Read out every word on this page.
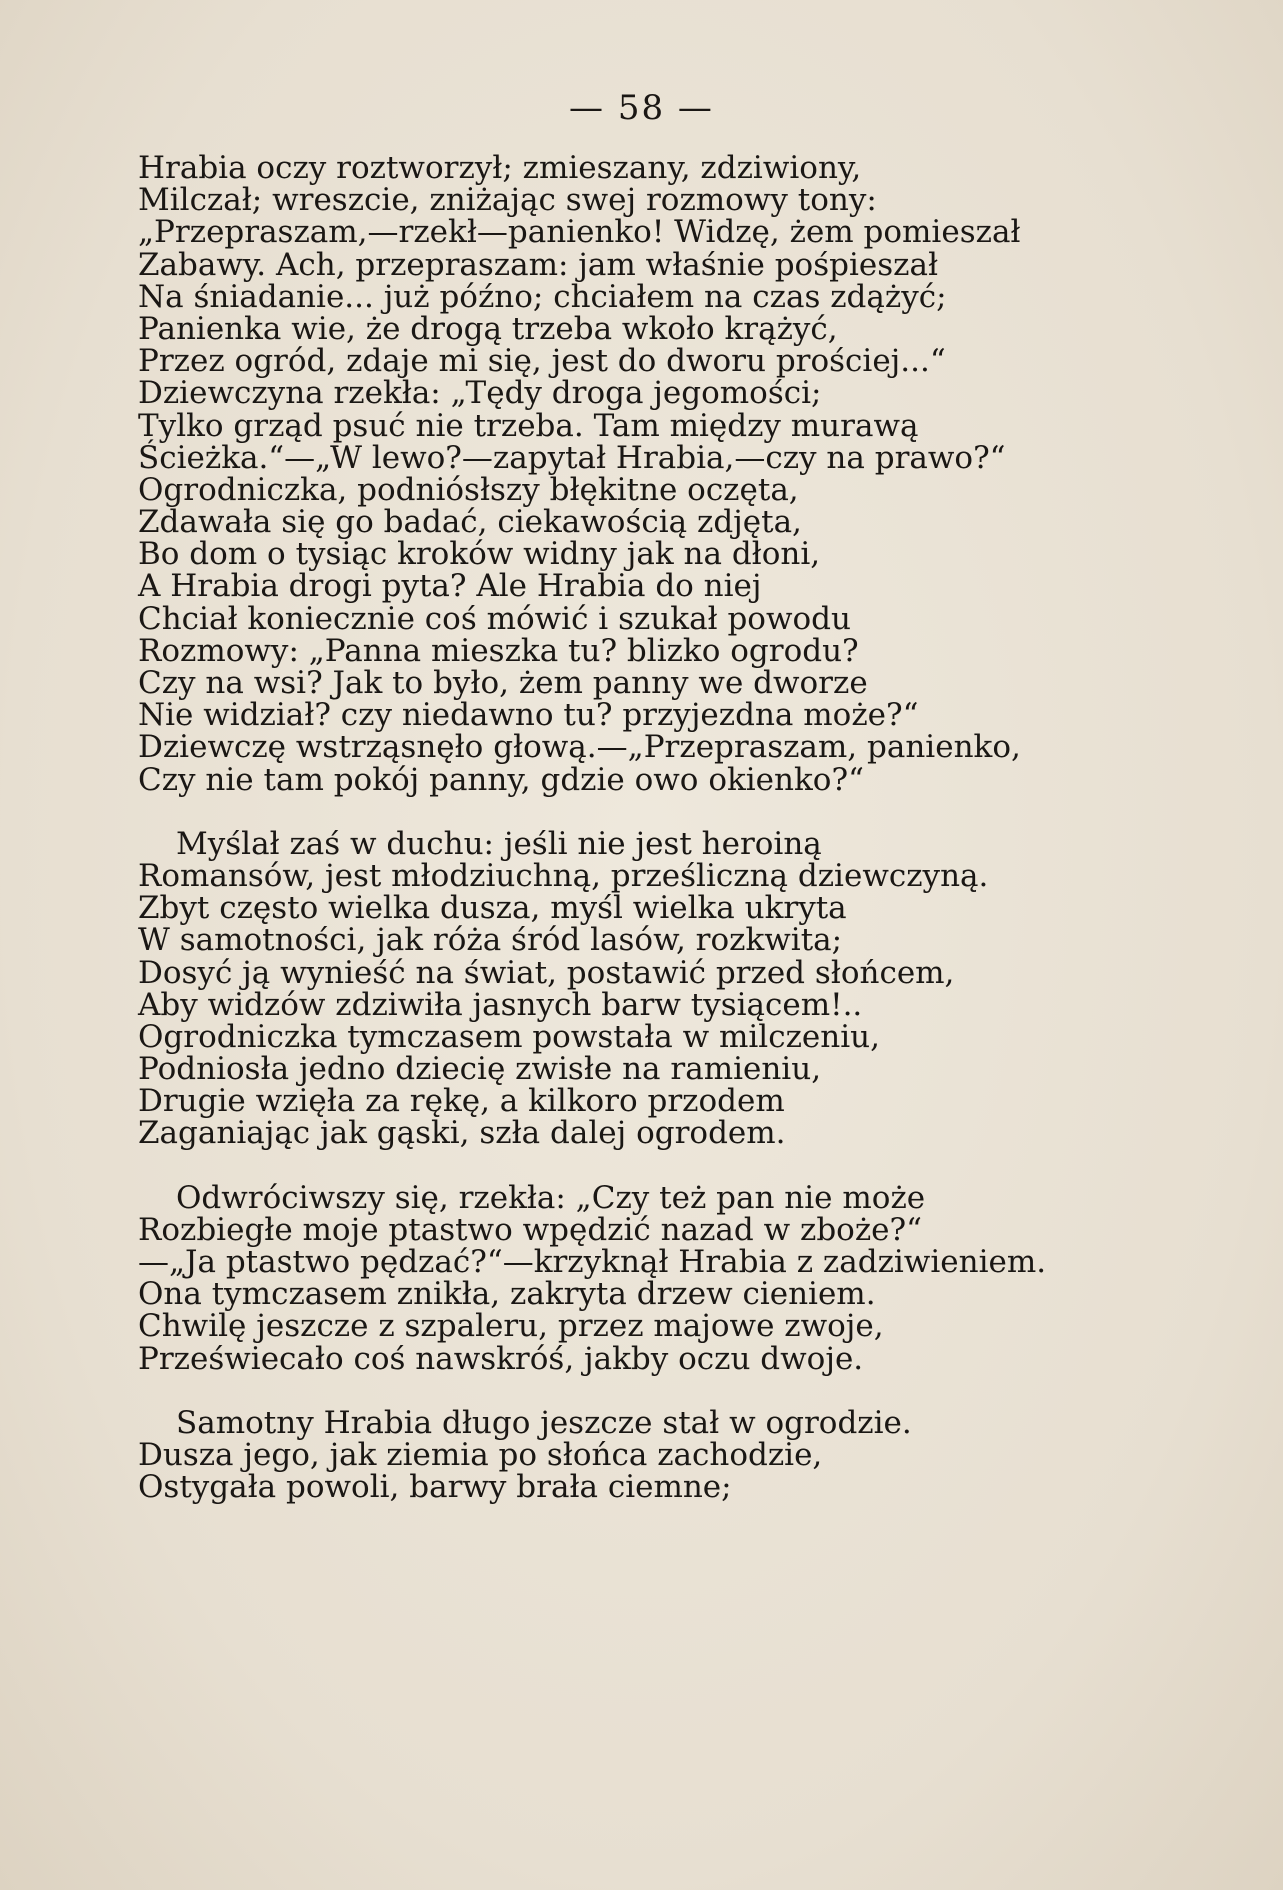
— 58 —
Hrabia oczy roztworzył; zmieszany, zdziwiony,
Milczał; wreszcie, zniżając swej rozmowy tony:
„Przepraszam,—rzekł—panienko! Widzę, żem pomieszał
Zabawy. Ach, przepraszam: jam właśnie pośpieszał
Na śniadanie... już późno; chciałem na czas zdążyć;
Panienka wie, że drogą trzeba wkoło krążyć,
Przez ogród, zdaje mi się, jest do dworu prościej...“
Dziewczyna rzekła: „Tędy droga jegomości;
Tylko grząd psuć nie trzeba. Tam między murawą
Ścieżka.“—„W lewo?—zapytał Hrabia,—czy na prawo?“
Ogrodniczka, podniósłszy błękitne oczęta,
Zdawała się go badać, ciekawością zdjęta,
Bo dom o tysiąc kroków widny jak na dłoni,
A Hrabia drogi pyta? Ale Hrabia do niej
Chciał koniecznie coś mówić i szukał powodu
Rozmowy: „Panna mieszka tu? blizko ogrodu?
Czy na wsi? Jak to było, żem panny we dworze
Nie widział? czy niedawno tu? przyjezdna może?“
Dziewczę wstrząsnęło głową.—„Przepraszam, panienko,
Czy nie tam pokój panny, gdzie owo okienko?“
Myślał zaś w duchu: jeśli nie jest heroiną
Romansów, jest młodziuchną, prześliczną dziewczyną.
Zbyt często wielka dusza, myśl wielka ukryta
W samotności, jak róża śród lasów, rozkwita;
Dosyć ją wynieść na świat, postawić przed słońcem,
Aby widzów zdziwiła jasnych barw tysiącem!..
Ogrodniczka tymczasem powstała w milczeniu,
Podniosła jedno dziecię zwisłe na ramieniu,
Drugie wzięła za rękę, a kilkoro przodem
Zaganiając jak gąski, szła dalej ogrodem.
Odwróciwszy się, rzekła: „Czy też pan nie może
Rozbiegłe moje ptastwo wpędzić nazad w zboże?“
—„Ja ptastwo pędzać?“—krzyknął Hrabia z zadziwieniem.
Ona tymczasem znikła, zakryta drzew cieniem.
Chwilę jeszcze z szpaleru, przez majowe zwoje,
Przeświecało coś nawskróś, jakby oczu dwoje.
Samotny Hrabia długo jeszcze stał w ogrodzie.
Dusza jego, jak ziemia po słońca zachodzie,
Ostygała powoli, barwy brała ciemne;
